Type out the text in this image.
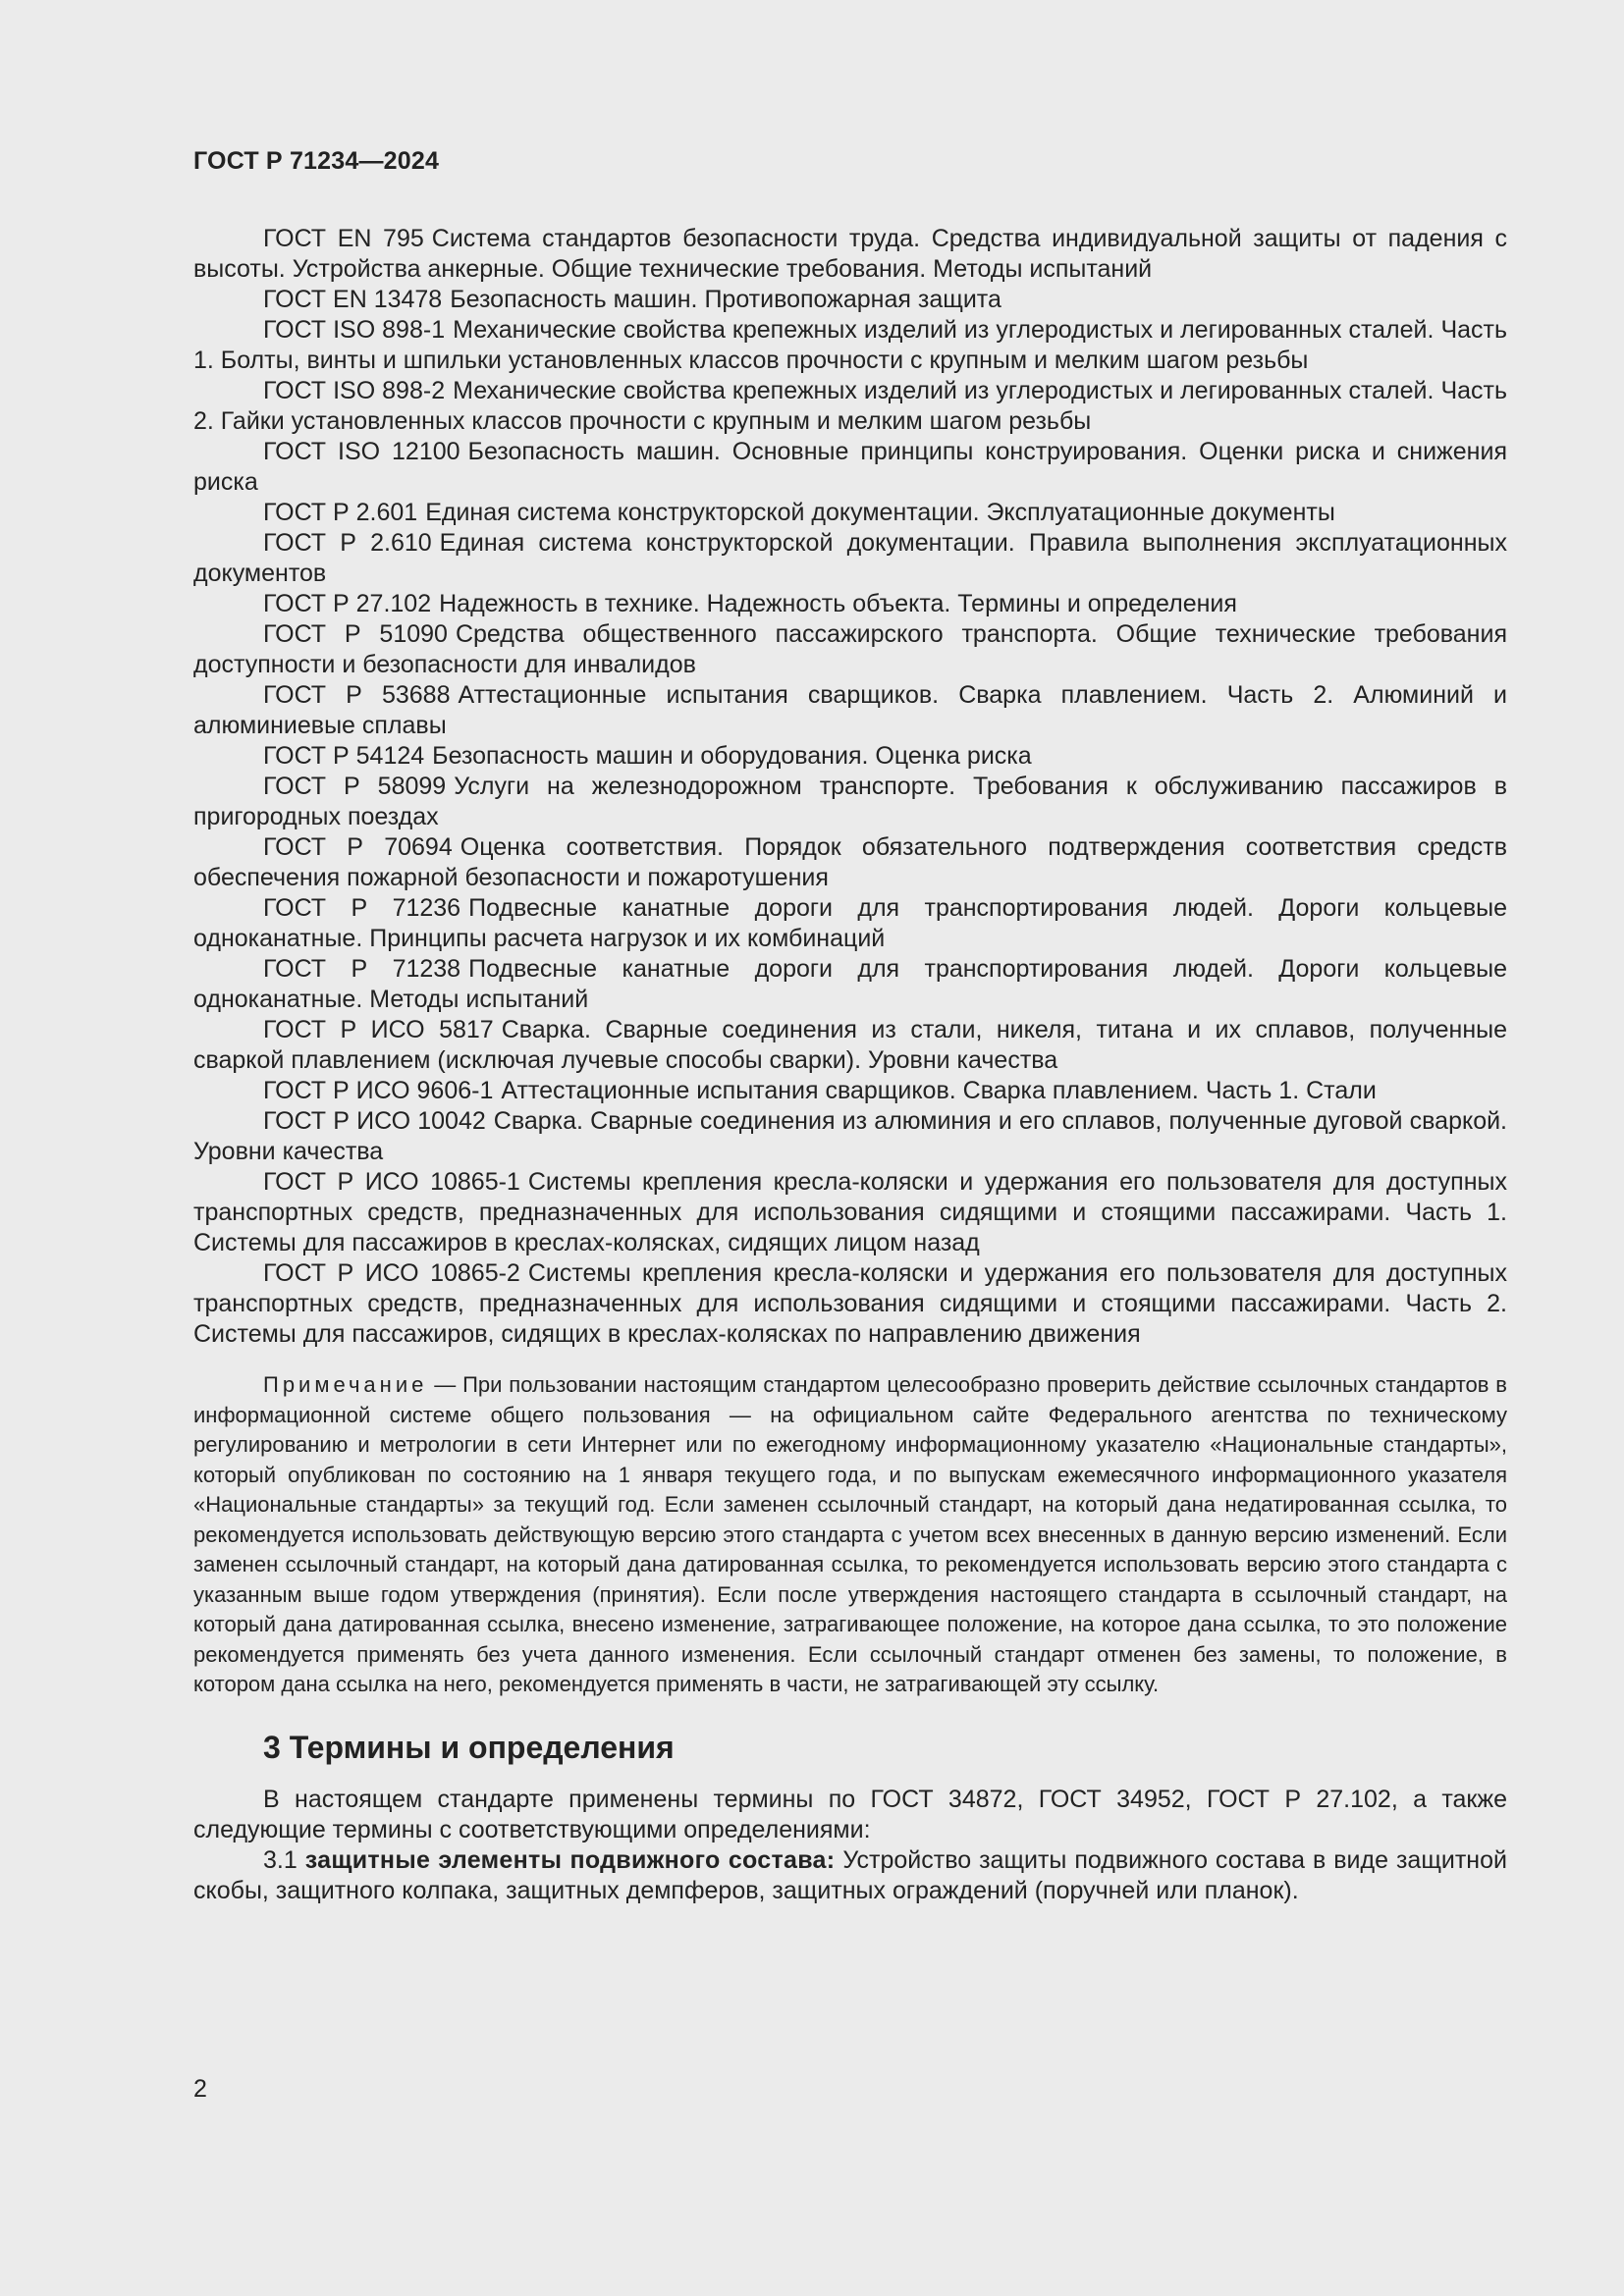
ГОСТ Р 71234—2024

ГОСТ EN 795 Система стандартов безопасности труда. Средства индивидуальной защиты от падения с высоты. Устройства анкерные. Общие технические требования. Методы испытаний

ГОСТ EN 13478 Безопасность машин. Противопожарная защита

ГОСТ ISO 898-1 Механические свойства крепежных изделий из углеродистых и легированных сталей. Часть 1. Болты, винты и шпильки установленных классов прочности с крупным и мелким шагом резьбы

ГОСТ ISO 898-2 Механические свойства крепежных изделий из углеродистых и легированных сталей. Часть 2. Гайки установленных классов прочности с крупным и мелким шагом резьбы

ГОСТ ISO 12100 Безопасность машин. Основные принципы конструирования. Оценки риска и снижения риска

ГОСТ Р 2.601 Единая система конструкторской документации. Эксплуатационные документы

ГОСТ Р 2.610 Единая система конструкторской документации. Правила выполнения эксплуатационных документов

ГОСТ Р 27.102 Надежность в технике. Надежность объекта. Термины и определения

ГОСТ Р 51090 Средства общественного пассажирского транспорта. Общие технические требования доступности и безопасности для инвалидов

ГОСТ Р 53688 Аттестационные испытания сварщиков. Сварка плавлением. Часть 2. Алюминий и алюминиевые сплавы

ГОСТ Р 54124 Безопасность машин и оборудования. Оценка риска

ГОСТ Р 58099 Услуги на железнодорожном транспорте. Требования к обслуживанию пассажиров в пригородных поездах

ГОСТ Р 70694 Оценка соответствия. Порядок обязательного подтверждения соответствия средств обеспечения пожарной безопасности и пожаротушения

ГОСТ Р 71236 Подвесные канатные дороги для транспортирования людей. Дороги кольцевые одноканатные. Принципы расчета нагрузок и их комбинаций

ГОСТ Р 71238 Подвесные канатные дороги для транспортирования людей. Дороги кольцевые одноканатные. Методы испытаний

ГОСТ Р ИСО 5817 Сварка. Сварные соединения из стали, никеля, титана и их сплавов, полученные сваркой плавлением (исключая лучевые способы сварки). Уровни качества

ГОСТ Р ИСО 9606-1 Аттестационные испытания сварщиков. Сварка плавлением. Часть 1. Стали

ГОСТ Р ИСО 10042 Сварка. Сварные соединения из алюминия и его сплавов, полученные дуговой сваркой. Уровни качества

ГОСТ Р ИСО 10865-1 Системы крепления кресла-коляски и удержания его пользователя для доступных транспортных средств, предназначенных для использования сидящими и стоящими пассажирами. Часть 1. Системы для пассажиров в креслах-колясках, сидящих лицом назад

ГОСТ Р ИСО 10865-2 Системы крепления кресла-коляски и удержания его пользователя для доступных транспортных средств, предназначенных для использования сидящими и стоящими пассажирами. Часть 2. Системы для пассажиров, сидящих в креслах-колясках по направлению движения

Примечание — При пользовании настоящим стандартом целесообразно проверить действие ссылочных стандартов в информационной системе общего пользования — на официальном сайте Федерального агентства по техническому регулированию и метрологии в сети Интернет или по ежегодному информационному указателю «Национальные стандарты», который опубликован по состоянию на 1 января текущего года, и по выпускам ежемесячного информационного указателя «Национальные стандарты» за текущий год. Если заменен ссылочный стандарт, на который дана недатированная ссылка, то рекомендуется использовать действующую версию этого стандарта с учетом всех внесенных в данную версию изменений. Если заменен ссылочный стандарт, на который дана датированная ссылка, то рекомендуется использовать версию этого стандарта с указанным выше годом утверждения (принятия). Если после утверждения настоящего стандарта в ссылочный стандарт, на который дана датированная ссылка, внесено изменение, затрагивающее положение, на которое дана ссылка, то это положение рекомендуется применять без учета данного изменения. Если ссылочный стандарт отменен без замены, то положение, в котором дана ссылка на него, рекомендуется применять в части, не затрагивающей эту ссылку.

3 Термины и определения

В настоящем стандарте применены термины по ГОСТ 34872, ГОСТ 34952, ГОСТ Р 27.102, а также следующие термины с соответствующими определениями:

3.1 защитные элементы подвижного состава: Устройство защиты подвижного состава в виде защитной скобы, защитного колпака, защитных демпферов, защитных ограждений (поручней или планок).

2
